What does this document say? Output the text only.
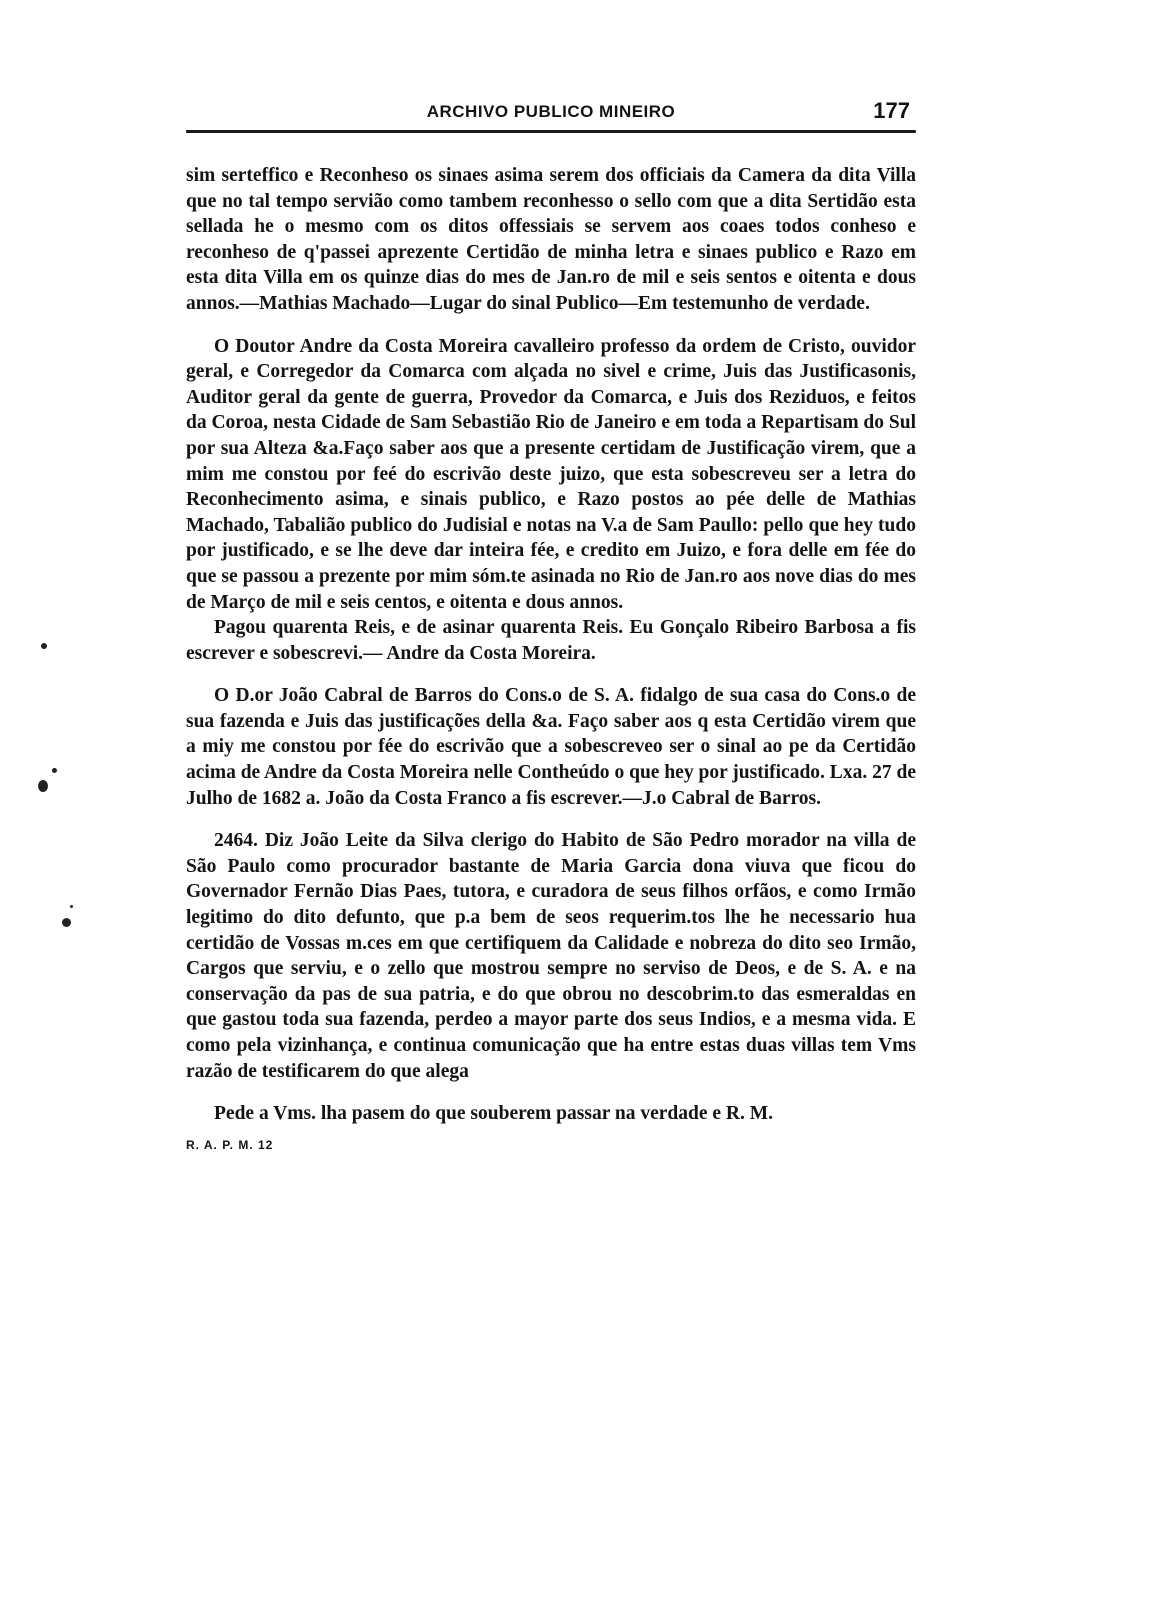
ARCHIVO PUBLICO MINEIRO	177

sim serteffico e Reconheso os sinaes asima serem dos officiais da Camera da dita Villa que no tal tempo servião como tambem reconhesso o sello com que a dita Sertidão esta sellada he o mesmo com os ditos offessiais se servem aos coaes todos conheso e reconheso de q'passei aprezente Certidão de minha letra e sinaes publico e Razo em esta dita Villa em os quinze dias do mes de Jan.ro de mil e seis sentos e oitenta e dous annos.—Mathias Machado—Lugar do sinal Publico—Em testemunho de verdade.

O Doutor Andre da Costa Moreira cavalleiro professo da ordem de Cristo, ouvidor geral, e Corregedor da Comarca com alçada no sivel e crime, Juis das Justificasonis, Auditor geral da gente de guerra, Provedor da Comarca, e Juis dos Reziduos, e feitos da Coroa, nesta Cidade de Sam Sebastião Rio de Janeiro e em toda a Repartisam do Sul por sua Alteza &a.Faço saber aos que a presente certidam de Justificação virem, que a mim me constou por feé do escrivão deste juizo, que esta sobescreveu ser a letra do Reconhecimento asima, e sinais publico, e Razo postos ao pée delle de Mathias Machado, Tabalião publico do Judisial e notas na V.a de Sam Paullo: pello que hey tudo por justificado, e se lhe deve dar inteira fée, e credito em Juizo, e fora delle em fée do que se passou a prezente por mim sóm.te asinada no Rio de Jan.ro aos nove dias do mes de Março de mil e seis centos, e oitenta e dous annos.

Pagou quarenta Reis, e de asinar quarenta Reis. Eu Gonçalo Ribeiro Barbosa a fis escrever e sobescrevi.— Andre da Costa Moreira.

O D.or João Cabral de Barros do Cons.o de S. A. fidalgo de sua casa do Cons.o de sua fazenda e Juis das justificações della &a. Faço saber aos q esta Certidão virem que a miy me constou por fée do escrivão que a sobescreveo ser o sinal ao pe da Certidão acima de Andre da Costa Moreira nelle Contheúdo o que hey por justificado. Lxa. 27 de Julho de 1682 a. João da Costa Franco a fis escrever.—J.o Cabral de Barros.

2464. Diz João Leite da Silva clerigo do Habito de São Pedro morador na villa de São Paulo como procurador bastante de Maria Garcia dona viuva que ficou do Governador Fernão Dias Paes, tutora, e curadora de seus filhos orfãos, e como Irmão legitimo do dito defunto, que p.a bem de seos requerim.tos lhe he necessario hua certidão de Vossas m.ces em que certifiquem da Calidade e nobreza do dito seo Irmão, Cargos que serviu, e o zello que mostrou sempre no serviso de Deos, e de S. A. e na conservação da pas de sua patria, e do que obrou no descobrim.to das esmeraldas en que gastou toda sua fazenda, perdeo a mayor parte dos seus Indios, e a mesma vida. E como pela vizinhança, e continua comunicação que ha entre estas duas villas tem Vms razão de testificarem do que alega

Pede a Vms. lha pasem do que souberem passar na verdade e R. M.

R. A. P. M. 12
